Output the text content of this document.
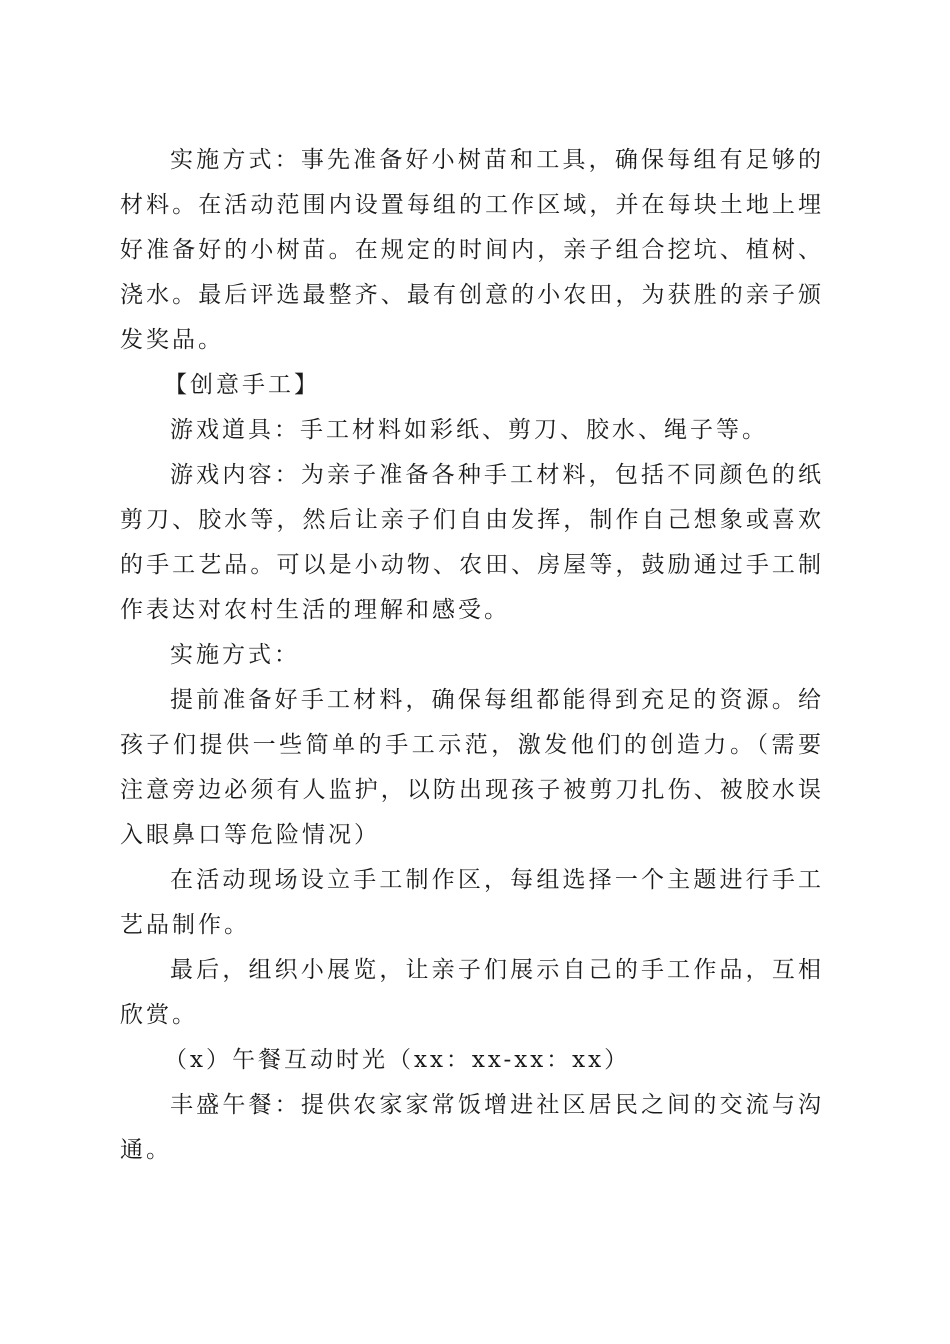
实施方式：事先准备好小树苗和工具，确保每组有足够的材料。在活动范围内设置每组的工作区域，并在每块土地上埋好准备好的小树苗。在规定的时间内，亲子组合挖坑、植树、浇水。最后评选最整齐、最有创意的小农田，为获胜的亲子颁发奖品。

【创意手工】

游戏道具：手工材料如彩纸、剪刀、胶水、绳子等。

游戏内容：为亲子准备各种手工材料，包括不同颜色的纸剪刀、胶水等，然后让亲子们自由发挥，制作自己想象或喜欢的手工艺品。可以是小动物、农田、房屋等，鼓励通过手工制作表达对农村生活的理解和感受。

实施方式：

提前准备好手工材料，确保每组都能得到充足的资源。给孩子们提供一些简单的手工示范，激发他们的创造力。（需要注意旁边必须有人监护，以防出现孩子被剪刀扎伤、被胶水误入眼鼻口等危险情况）

在活动现场设立手工制作区，每组选择一个主题进行手工艺品制作。

最后，组织小展览，让亲子们展示自己的手工作品，互相欣赏。

（x）午餐互动时光（xx：xx-xx：xx）

丰盛午餐：提供农家家常饭增进社区居民之间的交流与沟通。
